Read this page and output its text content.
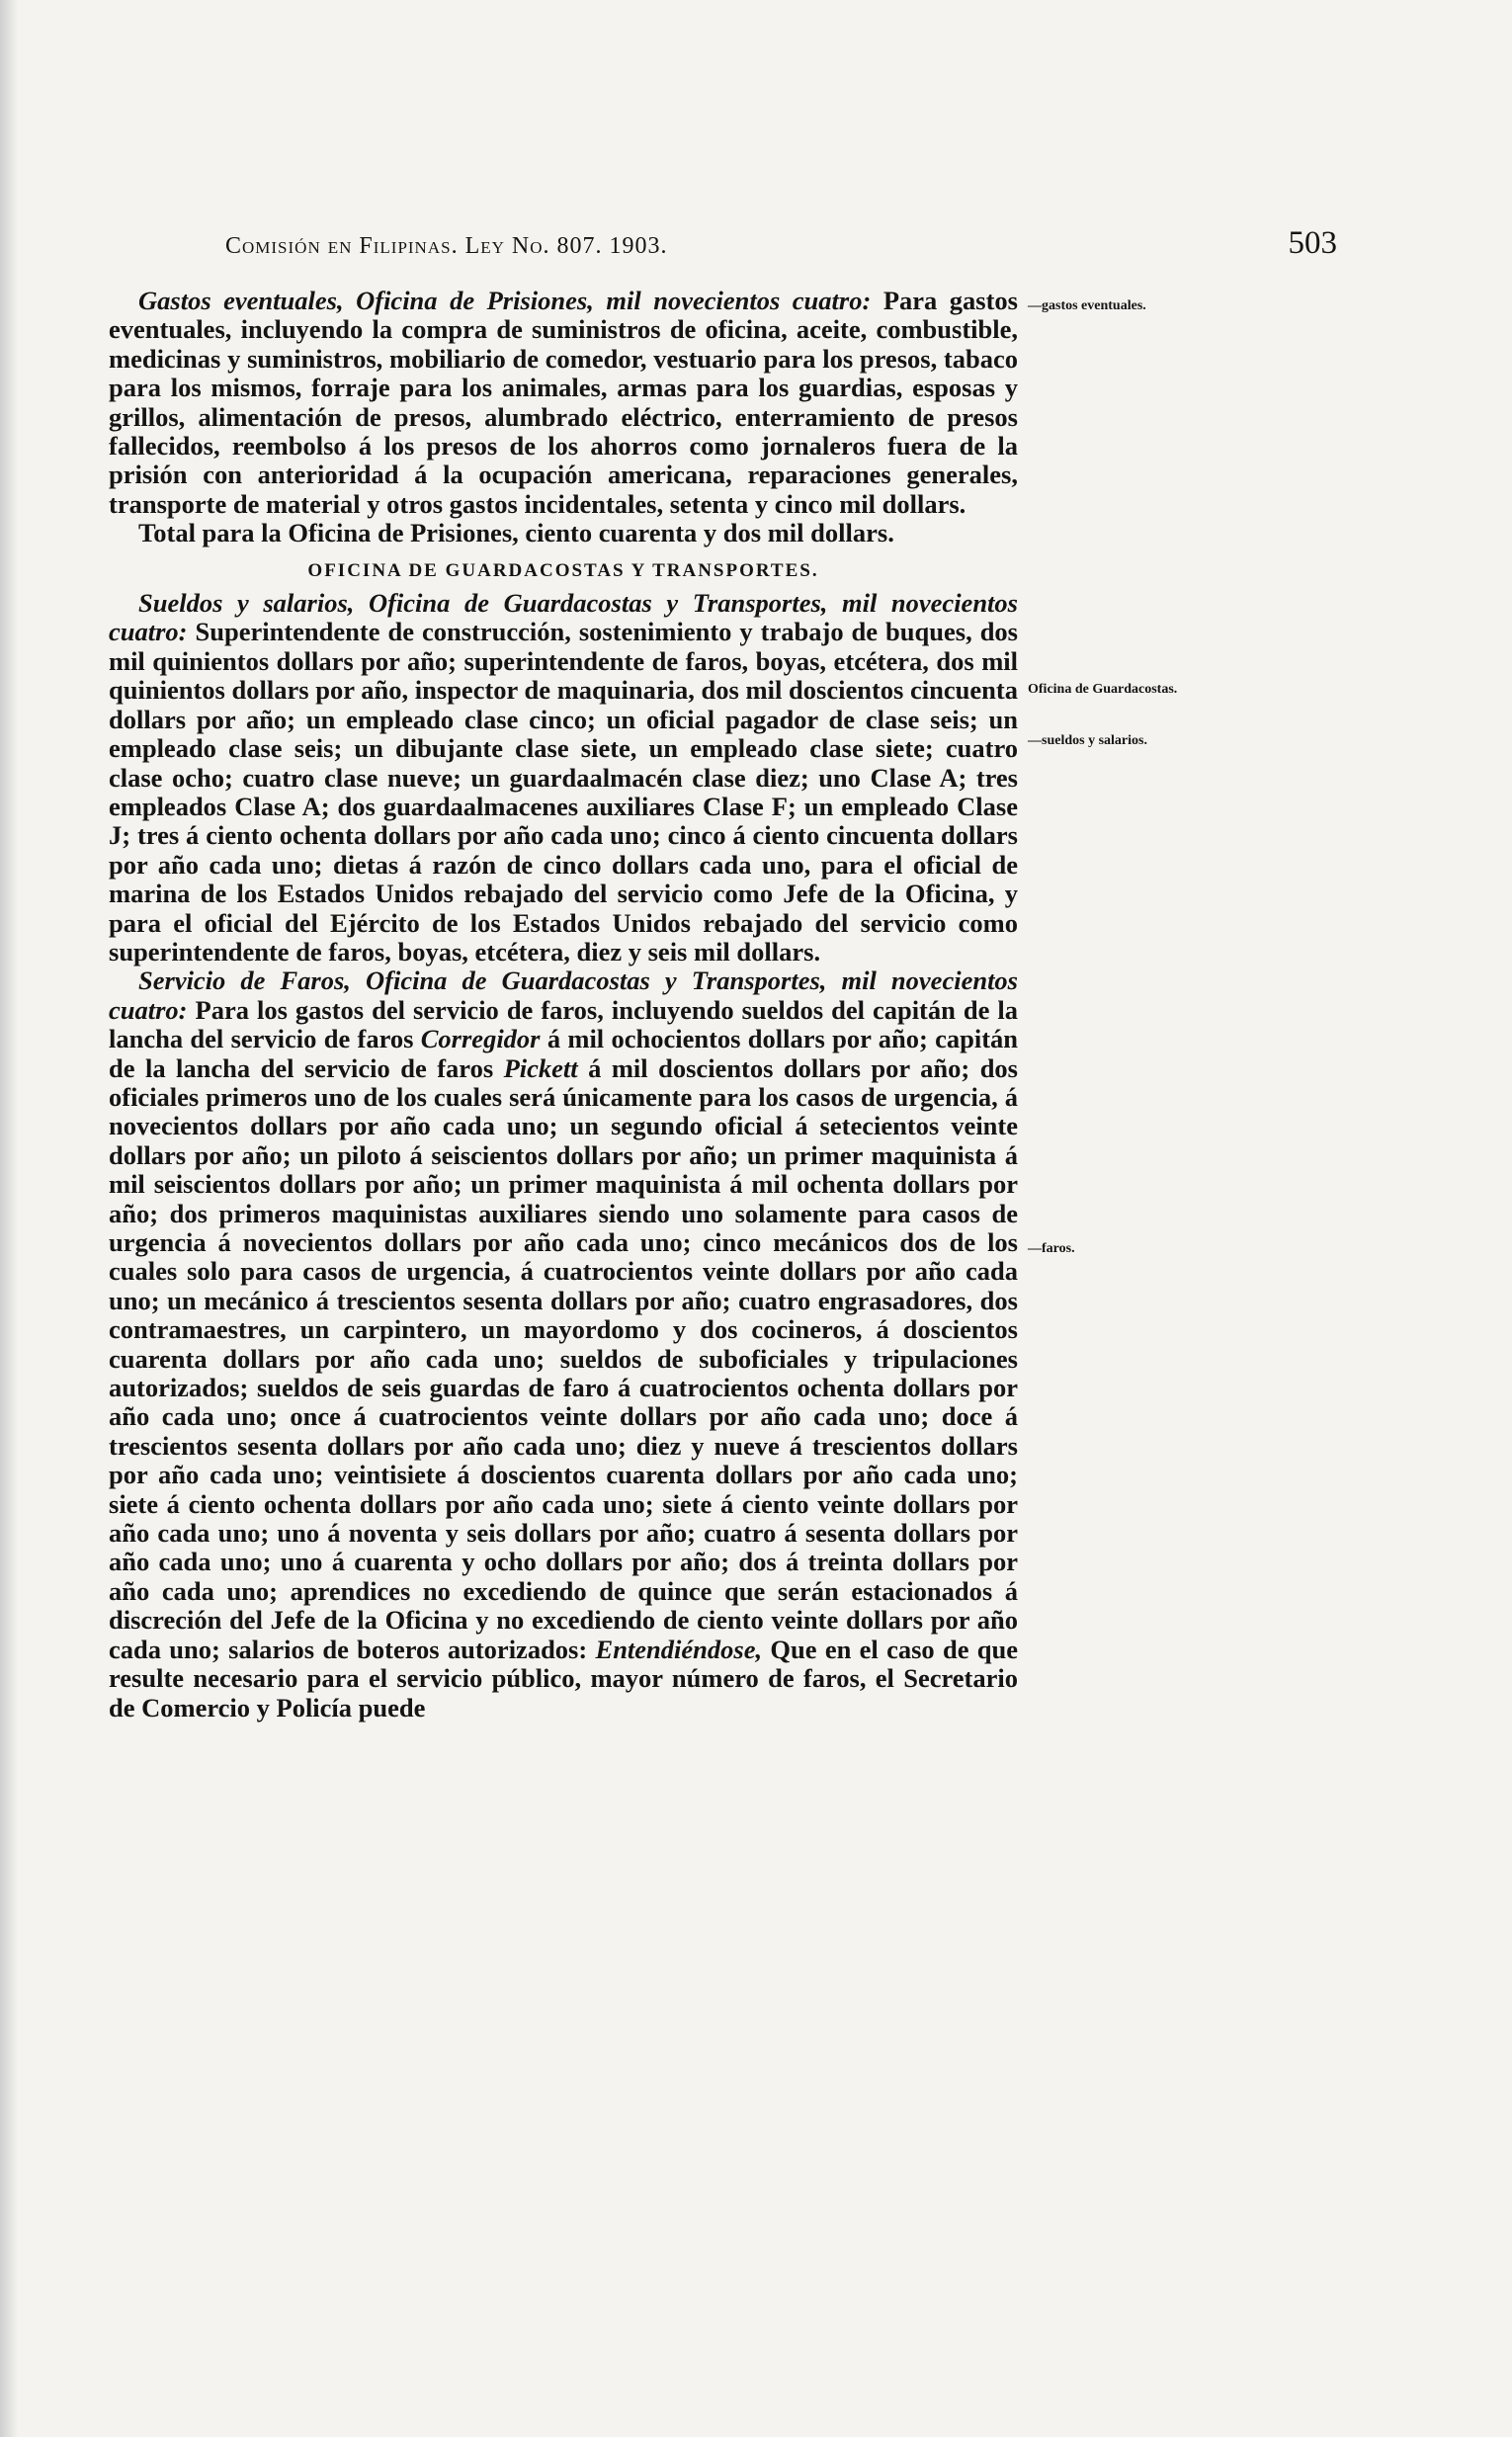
Comisión en Filipinas. Ley No. 807. 1903.	503

Gastos eventuales, Oficina de Prisiones, mil novecientos cuatro: Para gastos eventuales, incluyendo la compra de suministros de oficina, aceite, combustible, medicinas y suministros, mobiliario de comedor, vestuario para los presos, tabaco para los mismos, forraje para los animales, armas para los guardias, esposas y grillos, alimentación de presos, alumbrado eléctrico, enterramiento de presos fallecidos, reembolso á los presos de los ahorros como jornaleros fuera de la prisión con anterioridad á la ocupación americana, reparaciones generales, transporte de material y otros gastos incidentales, setenta y cinco mil dollars.

Total para la Oficina de Prisiones, ciento cuarenta y dos mil dollars.

OFICINA DE GUARDACOSTAS Y TRANSPORTES.

Sueldos y salarios, Oficina de Guardacostas y Transportes, mil novecientos cuatro: Superintendente de construcción, sostenimiento y trabajo de buques, dos mil quinientos dollars por año; superintendente de faros, boyas, etcétera, dos mil quinientos dollars por año, inspector de maquinaria, dos mil doscientos cincuenta dollars por año; un empleado clase cinco; un oficial pagador de clase seis; un empleado clase seis; un dibujante clase siete, un empleado clase siete; cuatro clase ocho; cuatro clase nueve; un guardaalmacén clase diez; uno Clase A; tres empleados Clase A; dos guardaalmacenes auxiliares Clase F; un empleado Clase J; tres á ciento ochenta dollars por año cada uno; cinco á ciento cincuenta dollars por año cada uno; dietas á razón de cinco dollars cada uno, para el oficial de marina de los Estados Unidos rebajado del servicio como Jefe de la Oficina, y para el oficial del Ejército de los Estados Unidos rebajado del servicio como superintendente de faros, boyas, etcétera, diez y seis mil dollars.

Servicio de Faros, Oficina de Guardacostas y Transportes, mil novecientos cuatro: Para los gastos del servicio de faros, incluyendo sueldos del capitán de la lancha del servicio de faros Corregidor á mil ochocientos dollars por año; capitán de la lancha del servicio de faros Pickett á mil doscientos dollars por año; dos oficiales primeros uno de los cuales será únicamente para los casos de urgencia, á novecientos dollars por año cada uno; un segundo oficial á setecientos veinte dollars por año; un piloto á seiscientos dollars por año; un primer maquinista á mil seiscientos dollars por año; un primer maquinista á mil ochenta dollars por año; dos primeros maquinistas auxiliares siendo uno solamente para casos de urgencia á novecientos dollars por año cada uno; cinco mecánicos dos de los cuales solo para casos de urgencia, á cuatrocientos veinte dollars por año cada uno; un mecánico á trescientos sesenta dollars por año; cuatro engrasadores, dos contramaestres, un carpintero, un mayordomo y dos cocineros, á doscientos cuarenta dollars por año cada uno; sueldos de suboficiales y tripulaciones autorizados; sueldos de seis guardas de faro á cuatrocientos ochenta dollars por año cada uno; once á cuatrocientos veinte dollars por año cada uno; doce á trescientos sesenta dollars por año cada uno; diez y nueve á trescientos dollars por año cada uno; veintisiete á doscientos cuarenta dollars por año cada uno; siete á ciento ochenta dollars por año cada uno; siete á ciento veinte dollars por año cada uno; uno á noventa y seis dollars por año; cuatro á sesenta dollars por año cada uno; uno á cuarenta y ocho dollars por año; dos á treinta dollars por año cada uno; aprendices no excediendo de quince que serán estacionados á discreción del Jefe de la Oficina y no excediendo de ciento veinte dollars por año cada uno; salarios de boteros autorizados: Entendiéndose, Que en el caso de que resulte necesario para el servicio público, mayor número de faros, el Secretario de Comercio y Policía puede

—gastos eventuales.
Oficina de Guardacostas.
—sueldos y salarios.
—faros.
